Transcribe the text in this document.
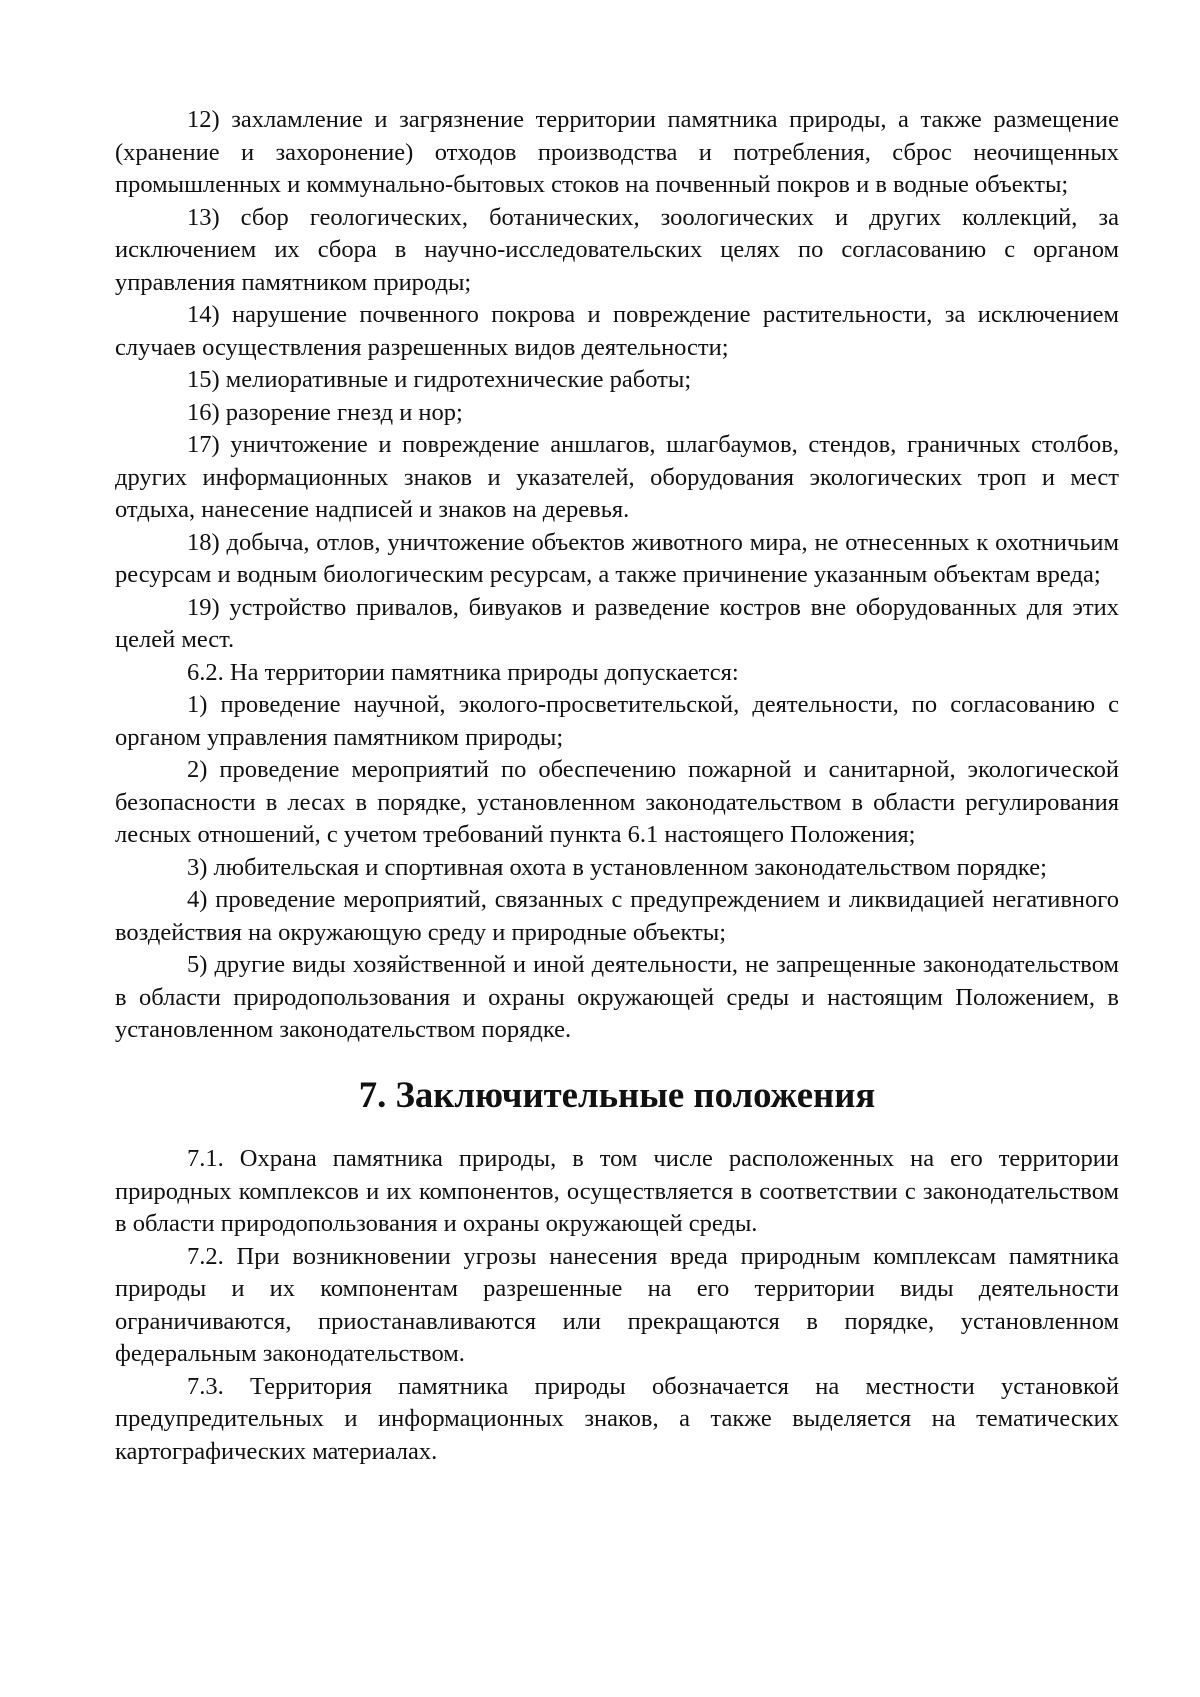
12) захламление и загрязнение территории памятника природы, а также размещение (хранение и захоронение) отходов производства и потребления, сброс неочищенных промышленных и коммунально-бытовых стоков на почвенный покров и в водные объекты;

13) сбор геологических, ботанических, зоологических и других коллекций, за исключением их сбора в научно-исследовательских целях по согласованию с органом управления памятником природы;

14) нарушение почвенного покрова и повреждение растительности, за исключением случаев осуществления разрешенных видов деятельности;

15) мелиоративные и гидротехнические работы;

16) разорение гнезд и нор;

17) уничтожение и повреждение аншлагов, шлагбаумов, стендов, граничных столбов, других информационных знаков и указателей, оборудования экологических троп и мест отдыха, нанесение надписей и знаков на деревья.

18) добыча, отлов, уничтожение объектов животного мира, не отнесенных к охотничьим ресурсам и водным биологическим ресурсам, а также причинение указанным объектам вреда;

19) устройство привалов, бивуаков и разведение костров вне оборудованных для этих целей мест.

6.2. На территории памятника природы допускается:

1) проведение научной, эколого-просветительской, деятельности, по согласованию с органом управления памятником природы;

2) проведение мероприятий по обеспечению пожарной и санитарной, экологической безопасности в лесах в порядке, установленном законодательством в области регулирования лесных отношений, с учетом требований пункта 6.1 настоящего Положения;

3) любительская и спортивная охота в установленном законодательством порядке;

4) проведение мероприятий, связанных с предупреждением и ликвидацией негативного воздействия на окружающую среду и природные объекты;

5) другие виды хозяйственной и иной деятельности, не запрещенные законодательством в области природопользования и охраны окружающей среды и настоящим Положением, в установленном законодательством порядке.

7. Заключительные положения

7.1. Охрана памятника природы, в том числе расположенных на его территории природных комплексов и их компонентов, осуществляется в соответствии с законодательством в области природопользования и охраны окружающей среды.

7.2. При возникновении угрозы нанесения вреда природным комплексам памятника природы и их компонентам разрешенные на его территории виды деятельности ограничиваются, приостанавливаются или прекращаются в порядке, установленном федеральным законодательством.

7.3. Территория памятника природы обозначается на местности установкой предупредительных и информационных знаков, а также выделяется на тематических картографических материалах.
